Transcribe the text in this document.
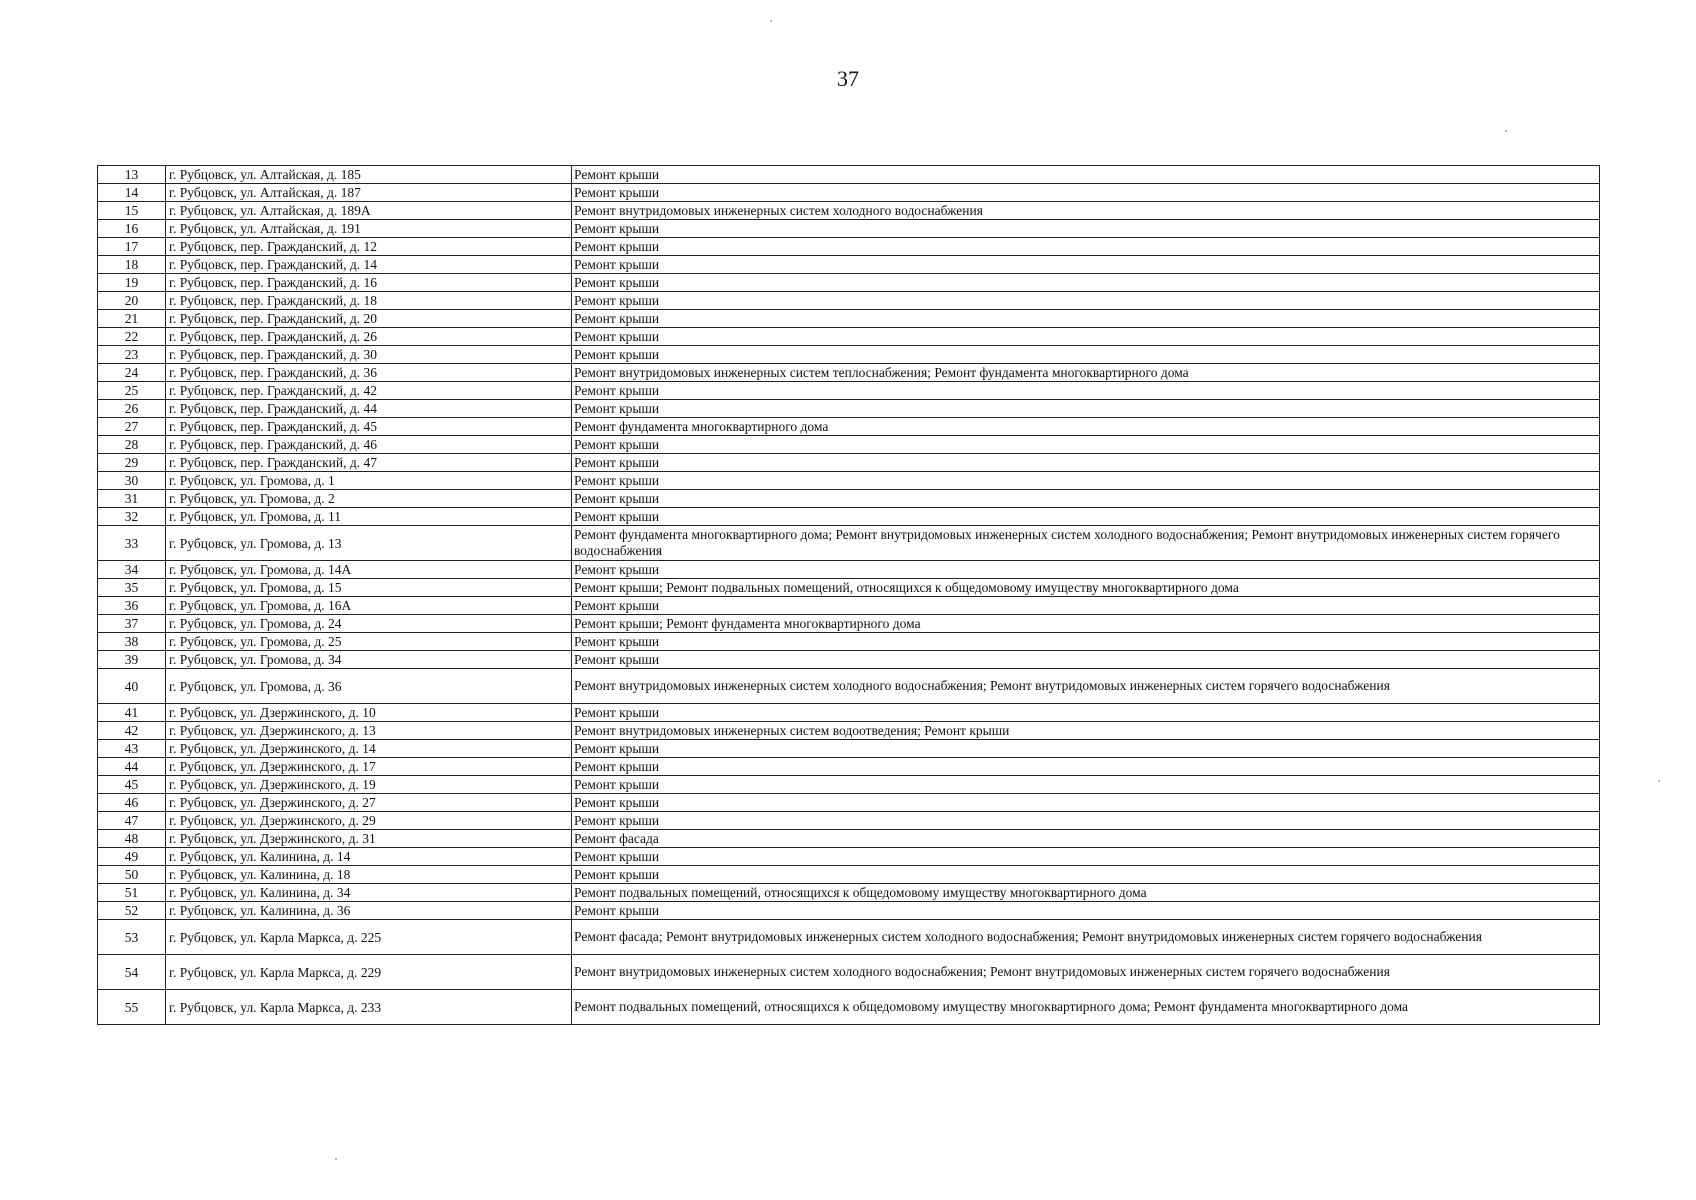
37
13	г. Рубцовск, ул. Алтайская, д. 185	Ремонт крыши
14	г. Рубцовск, ул. Алтайская, д. 187	Ремонт крыши
15	г. Рубцовск, ул. Алтайская, д. 189А	Ремонт внутридомовых инженерных систем холодного водоснабжения
16	г. Рубцовск, ул. Алтайская, д. 191	Ремонт крыши
17	г. Рубцовск, пер. Гражданский, д. 12	Ремонт крыши
18	г. Рубцовск, пер. Гражданский, д. 14	Ремонт крыши
19	г. Рубцовск, пер. Гражданский, д. 16	Ремонт крыши
20	г. Рубцовск, пер. Гражданский, д. 18	Ремонт крыши
21	г. Рубцовск, пер. Гражданский, д. 20	Ремонт крыши
22	г. Рубцовск, пер. Гражданский, д. 26	Ремонт крыши
23	г. Рубцовск, пер. Гражданский, д. 30	Ремонт крыши
24	г. Рубцовск, пер. Гражданский, д. 36	Ремонт внутридомовых инженерных систем теплоснабжения; Ремонт фундамента многоквартирного дома
25	г. Рубцовск, пер. Гражданский, д. 42	Ремонт крыши
26	г. Рубцовск, пер. Гражданский, д. 44	Ремонт крыши
27	г. Рубцовск, пер. Гражданский, д. 45	Ремонт фундамента многоквартирного дома
28	г. Рубцовск, пер. Гражданский, д. 46	Ремонт крыши
29	г. Рубцовск, пер. Гражданский, д. 47	Ремонт крыши
30	г. Рубцовск, ул. Громова, д. 1	Ремонт крыши
31	г. Рубцовск, ул. Громова, д. 2	Ремонт крыши
32	г. Рубцовск, ул. Громова, д. 11	Ремонт крыши
33	г. Рубцовск, ул. Громова, д. 13	Ремонт фундамента многоквартирного дома; Ремонт внутридомовых инженерных систем холодного водоснабжения; Ремонт внутридомовых инженерных систем горячего водоснабжения
34	г. Рубцовск, ул. Громова, д. 14А	Ремонт крыши
35	г. Рубцовск, ул. Громова, д. 15	Ремонт крыши; Ремонт подвальных помещений, относящихся к общедомовому имуществу многоквартирного дома
36	г. Рубцовск, ул. Громова, д. 16А	Ремонт крыши
37	г. Рубцовск, ул. Громова, д. 24	Ремонт крыши; Ремонт фундамента многоквартирного дома
38	г. Рубцовск, ул. Громова, д. 25	Ремонт крыши
39	г. Рубцовск, ул. Громова, д. 34	Ремонт крыши
40	г. Рубцовск, ул. Громова, д. 36	Ремонт внутридомовых инженерных систем холодного водоснабжения; Ремонт внутридомовых инженерных систем горячего водоснабжения
41	г. Рубцовск, ул. Дзержинского, д. 10	Ремонт крыши
42	г. Рубцовск, ул. Дзержинского, д. 13	Ремонт внутридомовых инженерных систем водоотведения; Ремонт крыши
43	г. Рубцовск, ул. Дзержинского, д. 14	Ремонт крыши
44	г. Рубцовск, ул. Дзержинского, д. 17	Ремонт крыши
45	г. Рубцовск, ул. Дзержинского, д. 19	Ремонт крыши
46	г. Рубцовск, ул. Дзержинского, д. 27	Ремонт крыши
47	г. Рубцовск, ул. Дзержинского, д. 29	Ремонт крыши
48	г. Рубцовск, ул. Дзержинского, д. 31	Ремонт фасада
49	г. Рубцовск, ул. Калинина, д. 14	Ремонт крыши
50	г. Рубцовск, ул. Калинина, д. 18	Ремонт крыши
51	г. Рубцовск, ул. Калинина, д. 34	Ремонт подвальных помещений, относящихся к общедомовому имуществу многоквартирного дома
52	г. Рубцовск, ул. Калинина, д. 36	Ремонт крыши
53	г. Рубцовск, ул. Карла Маркса, д. 225	Ремонт фасада; Ремонт внутридомовых инженерных систем холодного водоснабжения; Ремонт внутридомовых инженерных систем горячего водоснабжения
54	г. Рубцовск, ул. Карла Маркса, д. 229	Ремонт внутридомовых инженерных систем холодного водоснабжения; Ремонт внутридомовых инженерных систем горячего водоснабжения
55	г. Рубцовск, ул. Карла Маркса, д. 233	Ремонт подвальных помещений, относящихся к общедомовому имуществу многоквартирного дома; Ремонт фундамента многоквартирного дома
